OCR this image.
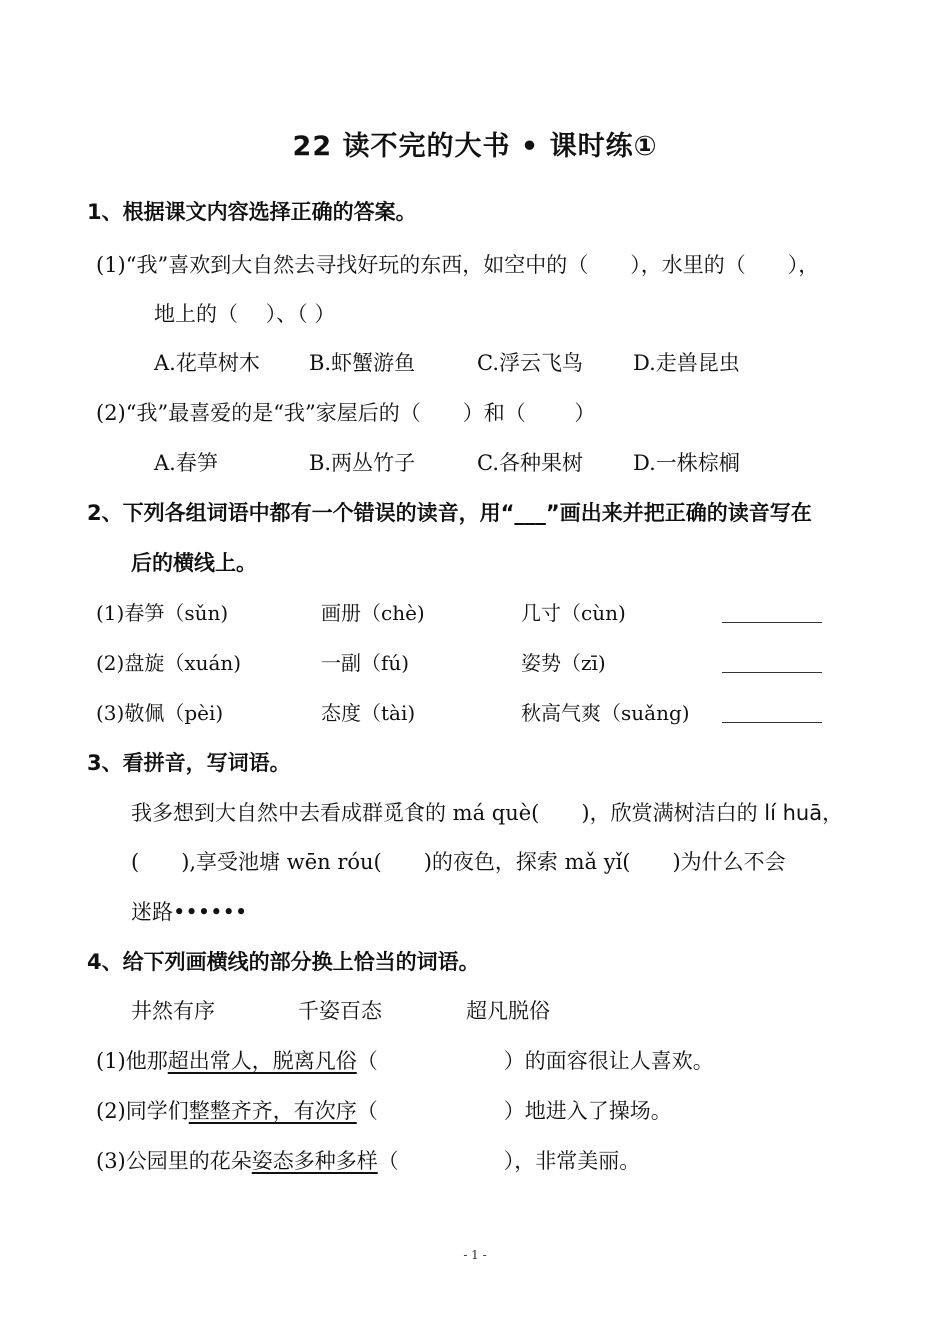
22 读不完的大书 • 课时练①
1、根据课文内容选择正确的答案。
(1)“我”喜欢到大自然去寻找好玩的东西，如空中的（　　），水里的（　　），
地上的（　 ）、（ ）
A.花草树木 B.虾蟹游鱼	C.浮云飞鸟 D.走兽昆虫
(2)“我”最喜爱的是“我”家屋后的（　　）和（　　 ）
A.春笋	B.两丛竹子	C.各种果树 D.一株棕榈
2、下列各组词语中都有一个错误的读音，用“___”画出来并把正确的读音写在
后的横线上。
(1)春笋（sǔn)	画册（chè)	几寸（cùn)
(2)盘旋（xuán)	一副（fú)	姿势（zī)
(3)敬佩（pèi)	态度（tài)	秋高气爽（suǎng)
3、看拼音，写词语。
我多想到大自然中去看成群觅食的 má què(　　)，欣赏满树洁白的 lí huā，
(　　),享受池塘 wēn róu(　　)的夜色，探索 mǎ yǐ(　　)为什么不会
迷路••••••
4、给下列画横线的部分换上恰当的词语。
井然有序	千姿百态	超凡脱俗
(1)他那超出常人，脱离凡俗（　　　　　　）的面容很让人喜欢。
(2)同学们整整齐齐，有次序（　　　　　　）地进入了操场。
(3)公园里的花朵姿态多种多样（　　　　　），非常美丽。
- 1 -
